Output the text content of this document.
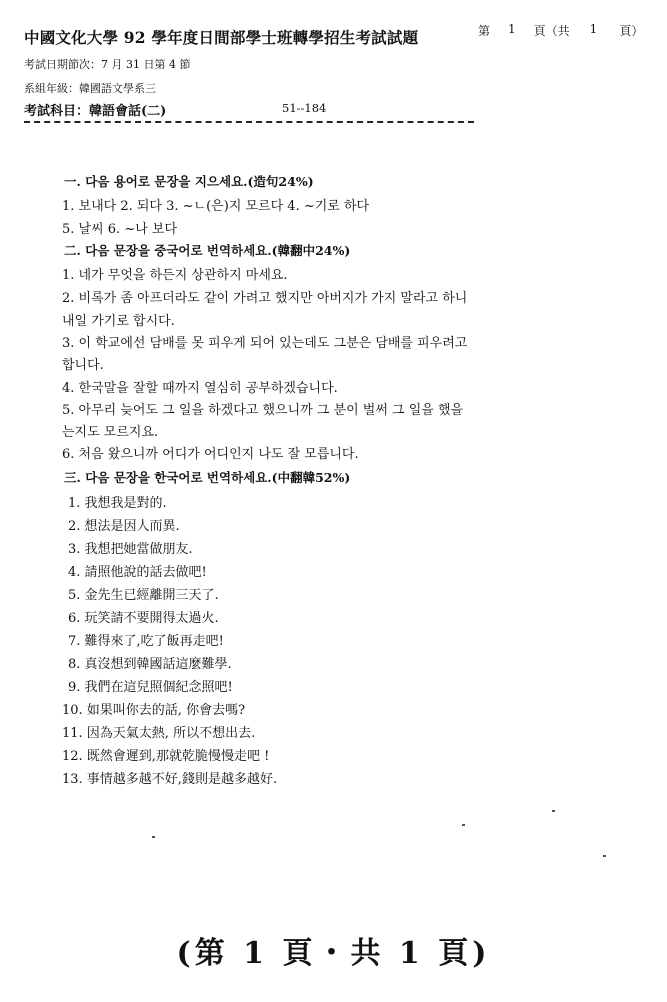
中國文化大學 92 學年度日間部學士班轉學招生考試試題	第 1 頁（共 1 頁）
考試日期節次：7 月 31 日第 4 節
系組年級：韓國語文學系三
考試科目：韓語會話(二)	51--184
一. 다음 용어로 문장을 지으세요.(造句24%)
1. 보내다 2. 되다 3. ~ㄴ(은)지 모르다 4. ~기로 하다
5. 날씨 6. ~나 보다
二. 다음 문장을 중국어로 번역하세요.(韓翻中24%)
1. 네가 무엇을 하든지 상관하지 마세요.
2. 비록가 좀 아프더라도 같이 가려고 했지만 아버지가 가지 말라고 하니
내일 가기로 합시다.
3. 이 학교에선 담배를 못 피우게 되어 있는데도 그분은 담배를 피우려고
합니다.
4. 한국말을 잘할 때까지 열심히 공부하겠습니다.
5. 아무리 늦어도 그 일을 하겠다고 했으니까 그 분이 벌써 그 일을 했을
는지도 모르지요.
6. 처음 왔으니까 어디가 어디인지 나도 잘 모릅니다.
三. 다음 문장을 한국어로 번역하세요.(中翻韓52%)
1. 我想我是對的.
2. 想法是因人而異.
3. 我想把她當做朋友.
4. 請照他說的話去做吧!
5. 金先生已經離開三天了.
6. 玩笑請不要開得太過火.
7. 難得來了,吃了飯再走吧!
8. 真沒想到韓國話這麼難學.
9. 我們在這兒照個紀念照吧!
10. 如果叫你去的話, 你會去嗎?
11. 因為天氣太熱, 所以不想出去.
12. 既然會遲到,那就乾脆慢慢走吧 !
13. 事情越多越不好,錢則是越多越好.
(第 1 頁・共 1 頁)
